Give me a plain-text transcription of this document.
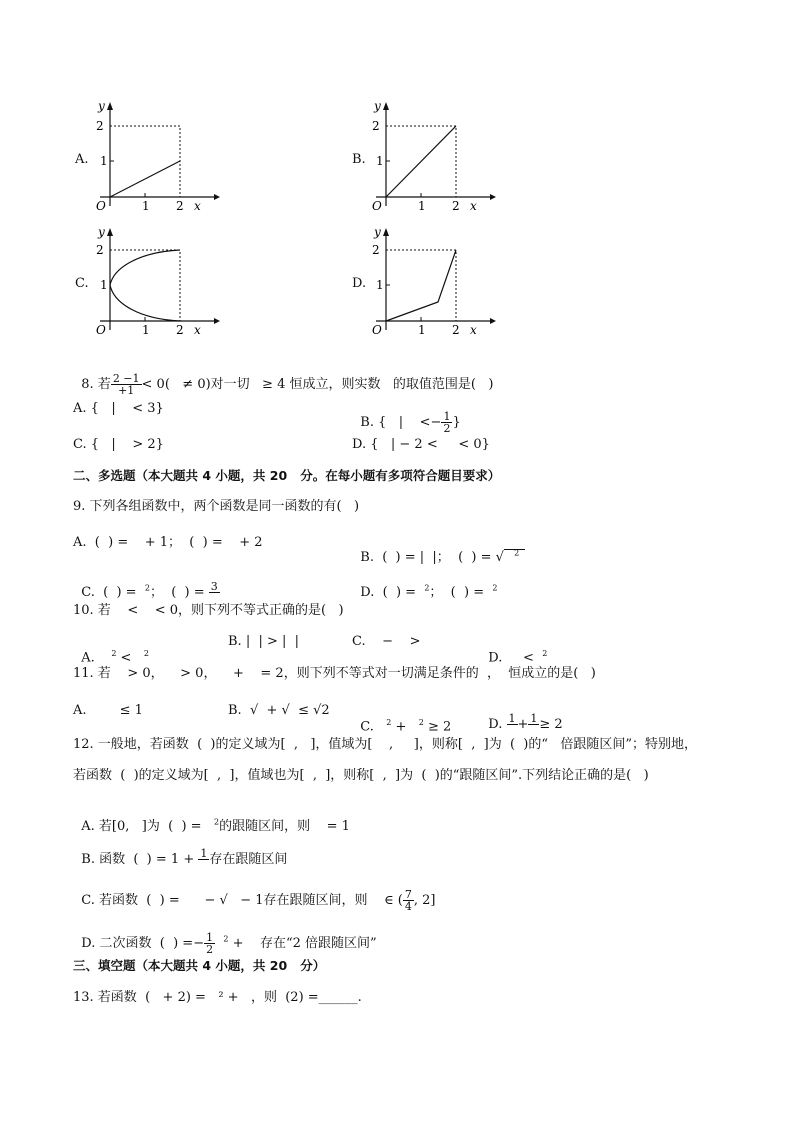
A.
y
2
1
O	1 2 x
B.
y
2
1
O	1 2 x
C.
y
2
1
O	1 2 x
D.
y
2
1
O	1 2 x

8. 若 $\frac{2 -1}{+1} < 0( \ne 0)$对一切   ≥ 4 恒成立，则实数   的取值范围是(   )

A. {   |    < 3}

B. {   |    <− $\frac{1}{2}$ }

C. {   |    > 2}	D. {   | − 2 <     < 0}
二、多选题（本大题共 4 小题，共 20   分。在每小题有多项符合题目要求）
9. 下列各组函数中，两个函数是同一函数的有(   )
A.  (  ) =    + 1；  (  ) =    + 2

B.  (  ) = |  |；  (  ) = √ $^2$

C.  (  ) =  $^2$；  (  ) = 3
	D.  (  ) =  $^2$；  (  ) =  $^2$

10. 若    <    < 0，则下列不等式正确的是(   )

A.    $^2$ <   $^2$

B. |  | > |  |	C.    −    >

D.     <  $^2$

11. 若    > 0，    > 0，    +    = 2，则下列不等式对一切满足条件的  ，  恒成立的是(   )
A.        ≤ 1	B.  √  + √  ≤ √2

C.   $^2$ +   $^2$ ≥ 2	D. 1
+ 1
≥ 2

12. 一般地，若函数  (  )的定义域为[  ,   ]，值域为[    ,     ]，则称[  ,  ]为  (  )的“   倍跟随区间”；特别地，
若函数  (  )的定义域为[  ,  ]，值域也为[  ,  ]，则称[  ,  ]为  (  )的“跟随区间”.下列结论正确的是(   )

A. 若[0,   ]为  (  ) =   $^2$的跟随区间，则    = 1

B. 函数  (  ) = 1 + 1
存在跟随区间

C. 若函数  (  ) =      − √   − 1存在跟随区间，则    ∈ ( $\frac{7}{4}$ , 2]

D. 二次函数  (  ) =− $\frac{1}{2} ^2$ +    存在“2 倍跟随区间”

三、填空题（本大题共 4 小题，共 20   分）
13. 若函数  (   + 2) =   ² +   ，则  (2) =______.
